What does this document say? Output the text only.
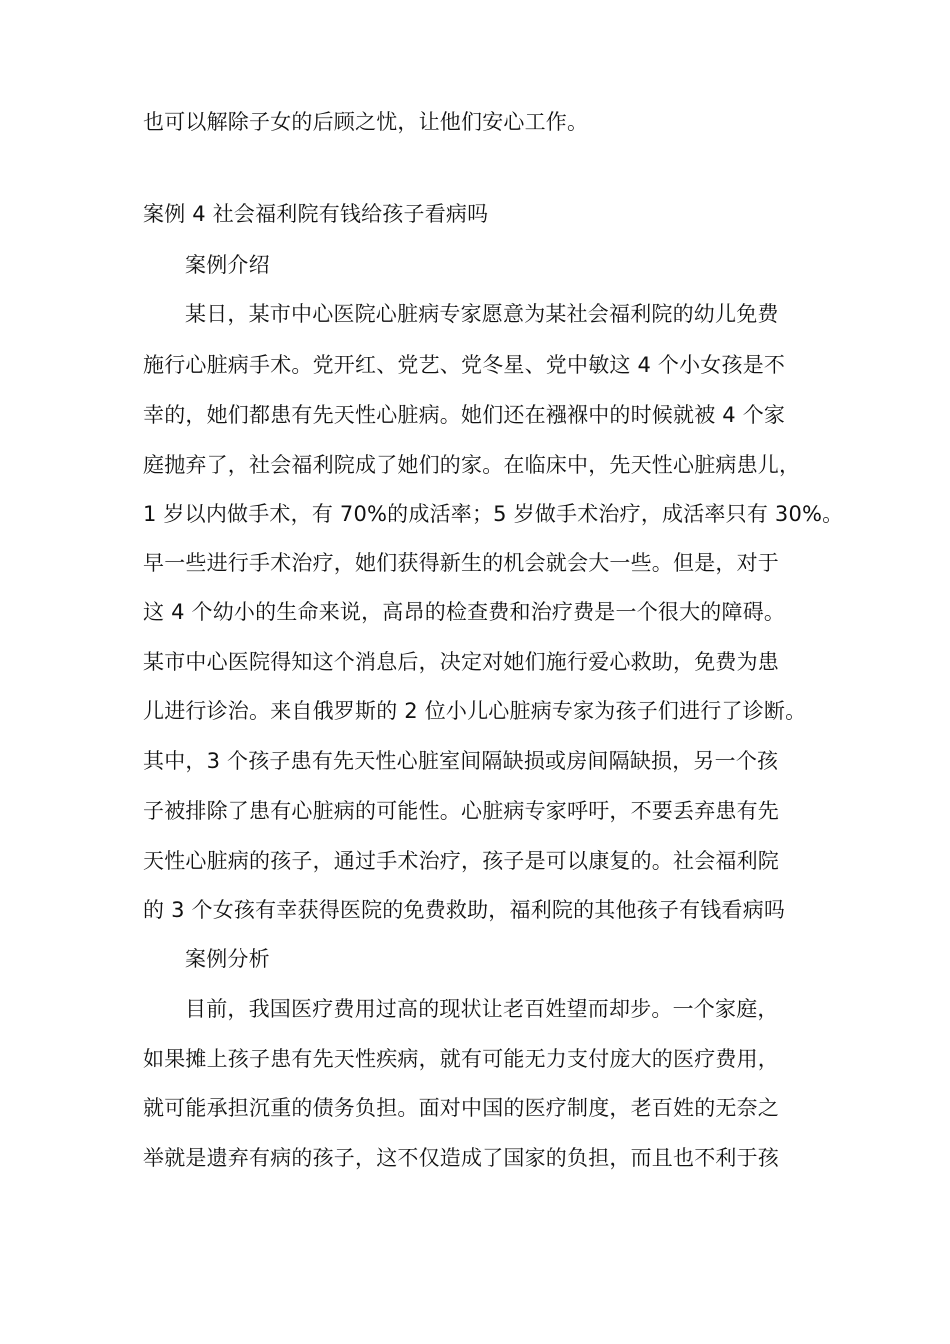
也可以解除子女的后顾之忧，让他们安心工作。
案例 4 社会福利院有钱给孩子看病吗
案例介绍
某日，某市中心医院心脏病专家愿意为某社会福利院的幼儿免费
施行心脏病手术。党开红、党艺、党冬星、党中敏这 4 个小女孩是不
幸的，她们都患有先天性心脏病。她们还在襁褓中的时候就被 4 个家
庭抛弃了，社会福利院成了她们的家。在临床中，先天性心脏病患儿，
1 岁以内做手术，有 70%的成活率；5 岁做手术治疗，成活率只有 30%。
早一些进行手术治疗，她们获得新生的机会就会大一些。但是，对于
这 4 个幼小的生命来说，高昂的检查费和治疗费是一个很大的障碍。
某市中心医院得知这个消息后，决定对她们施行爱心救助，免费为患
儿进行诊治。来自俄罗斯的 2 位小儿心脏病专家为孩子们进行了诊断。
其中，3 个孩子患有先天性心脏室间隔缺损或房间隔缺损，另一个孩
子被排除了患有心脏病的可能性。心脏病专家呼吁，不要丢弃患有先
天性心脏病的孩子，通过手术治疗，孩子是可以康复的。社会福利院
的 3 个女孩有幸获得医院的免费救助，福利院的其他孩子有钱看病吗
案例分析
目前，我国医疗费用过高的现状让老百姓望而却步。一个家庭，
如果摊上孩子患有先天性疾病，就有可能无力支付庞大的医疗费用，
就可能承担沉重的债务负担。面对中国的医疗制度，老百姓的无奈之
举就是遗弃有病的孩子，这不仅造成了国家的负担，而且也不利于孩
